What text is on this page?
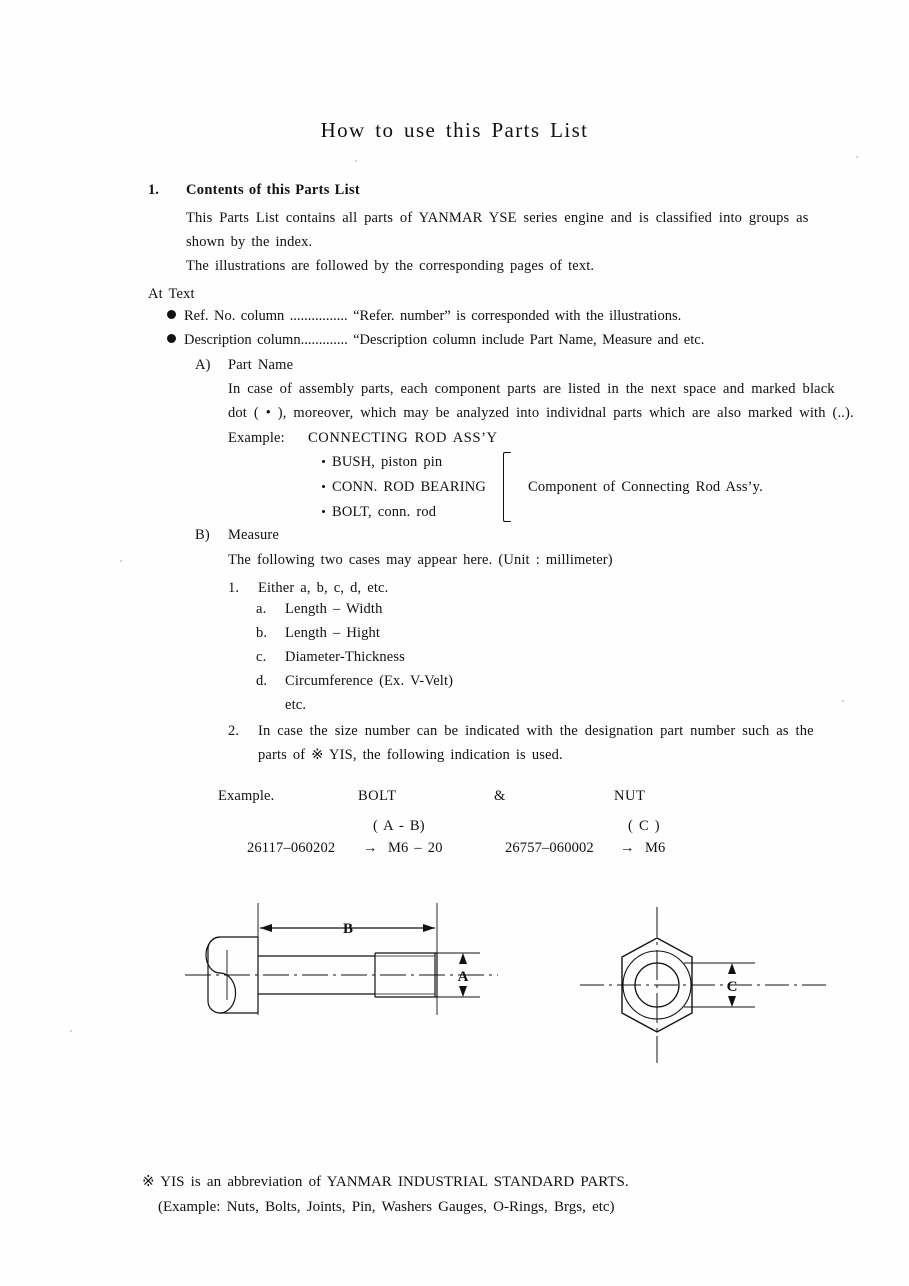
How to use this Parts List
1. Contents of this Parts List
This Parts List contains all parts of YANMAR YSE series engine and is classified into groups as
shown by the index.
The illustrations are followed by the corresponding pages of text.
At Text
Ref. No. column ................ “Refer. number” is corresponded with the illustrations.
Description column............. “Description column include Part Name, Measure and etc.
A) Part Name
In case of assembly parts, each component parts are listed in the next space and marked black
dot ( • ), moreover, which may be analyzed into individnal parts which are also marked with (..).
Example: CONNECTING ROD ASS’Y
BUSH, piston pin
CONN. ROD BEARING
BOLT, conn. rod
Component of Connecting Rod Ass’y.
B) Measure
The following two cases may appear here. (Unit : millimeter)
1. Either a, b, c, d, etc.
a. Length – Width
b. Length – Hight
c. Diameter-Thickness
d. Circumference (Ex. V-Velt)
etc.
2. In case the size number can be indicated with the designation part number such as the
parts of ※ YIS, the following indication is used.
Example.	BOLT	&	NUT
( A - B)	( C )
26117–060202 → M6 – 20	26757–060002 → M6
B
A
C
※ YIS is an abbreviation of YANMAR INDUSTRIAL STANDARD PARTS.
(Example: Nuts, Bolts, Joints, Pin, Washers Gauges, O-Rings, Brgs, etc)
